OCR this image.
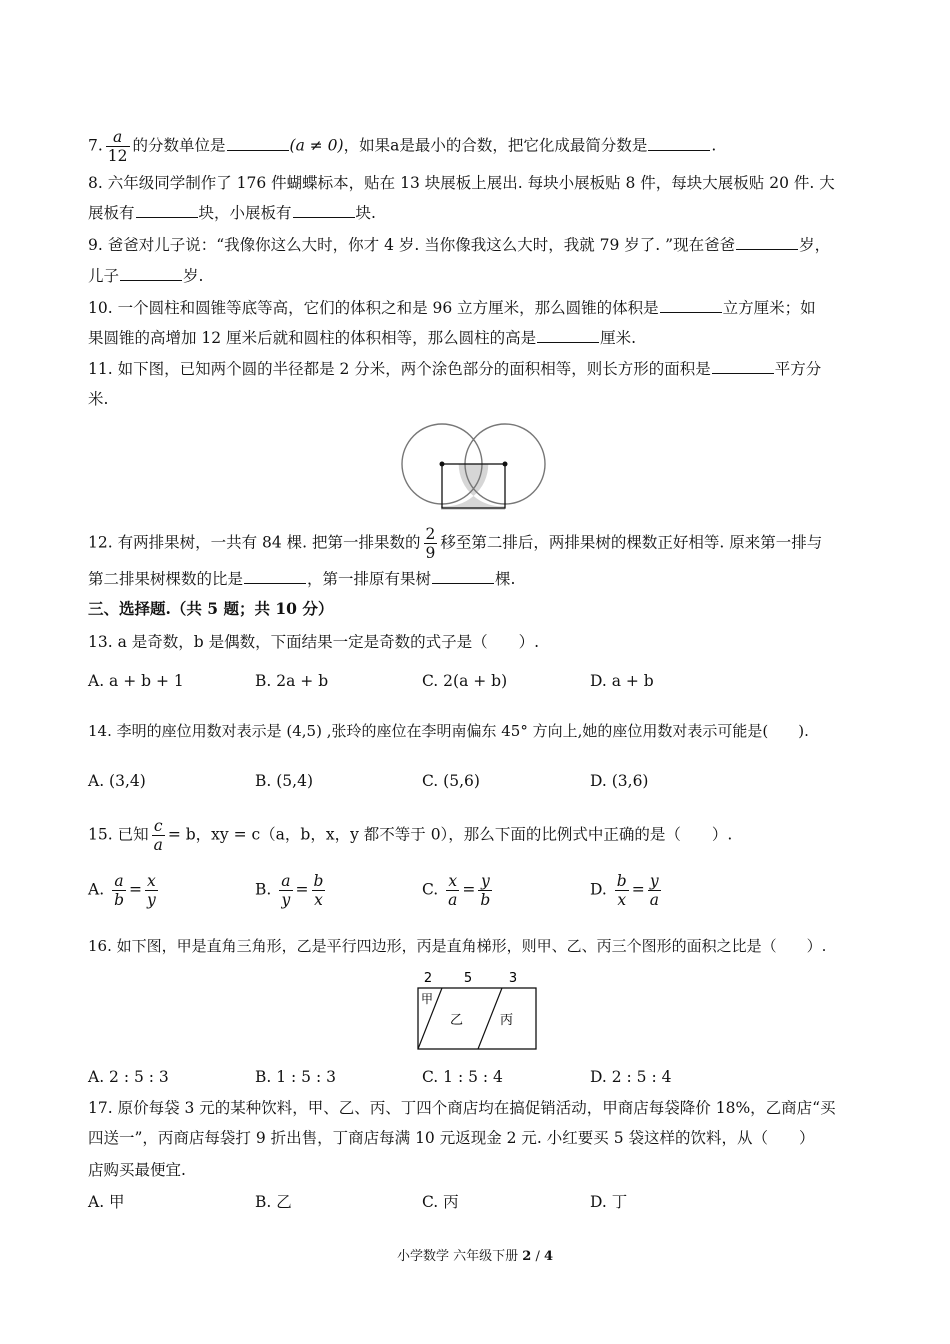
7. $\frac{a}{12}$ 的分数单位是	(a ≠ 0)，如果a是最小的合数，把它化成最简分数是	.
8. 六年级同学制作了 176 件蝴蝶标本，贴在 13 块展板上展出. 每块小展板贴 8 件，每块大展板贴 20 件. 大
展板有	块，小展板有	块.
9. 爸爸对儿子说：“我像你这么大时，你才 4 岁. 当你像我这么大时，我就 79 岁了. ”现在爸爸	岁，
儿子	岁.
10. 一个圆柱和圆锥等底等高，它们的体积之和是 96 立方厘米，那么圆锥的体积是	立方厘米；如
果圆锥的高增加 12 厘米后就和圆柱的体积相等，那么圆柱的高是	厘米.
11. 如下图，已知两个圆的半径都是 2 分米，两个涂色部分的面积相等，则长方形的面积是	平方分
米.
12. 有两排果树，一共有 84 棵. 把第一排果数的 $\frac{2}{9}$ 移至第二排后，两排果树的棵数正好相等. 原来第一排与
第二排果树棵数的比是	，第一排原有果树	棵.
三、选择题.（共 5 题；共 10 分）
13. a 是奇数，b 是偶数，下面结果一定是奇数的式子是（　　）.
A. a + b + 1	B. 2a + b	C. 2(a + b)	D. a + b
14. 李明的座位用数对表示是 (4,5) ,张玲的座位在李明南偏东 45° 方向上,她的座位用数对表示可能是(　　).
A. (3,4)	B. (5,4)	C. (5,6)	D. (3,6)
15. 已知 $\frac{c}{a} = b$，xy = c（a，b，x，y 都不等于 0），那么下面的比例式中正确的是（　　）.
A. $\frac{a}{b} = \frac{x}{y}$	B. $\frac{a}{y} = \frac{b}{x}$	C. $\frac{x}{a} = \frac{y}{b}$	D. $\frac{b}{x} = \frac{y}{a}$
16. 如下图，甲是直角三角形，乙是平行四边形，丙是直角梯形，则甲、乙、丙三个图形的面积之比是（　　）.
2 5	3
甲
乙	丙
A. 2 : 5 : 3	B. 1 : 5 : 3	C. 1 : 5 : 4	D. 2 : 5 : 4
17. 原价每袋 3 元的某种饮料，甲、乙、丙、丁四个商店均在搞促销活动，甲商店每袋降价 18%，乙商店“买
四送一”，丙商店每袋打 9 折出售，丁商店每满 10 元返现金 2 元. 小红要买 5 袋这样的饮料，从（　　）
店购买最便宜.
A. 甲	B. 乙	C. 丙	D. 丁
小学数学 六年级下册 2 / 4
